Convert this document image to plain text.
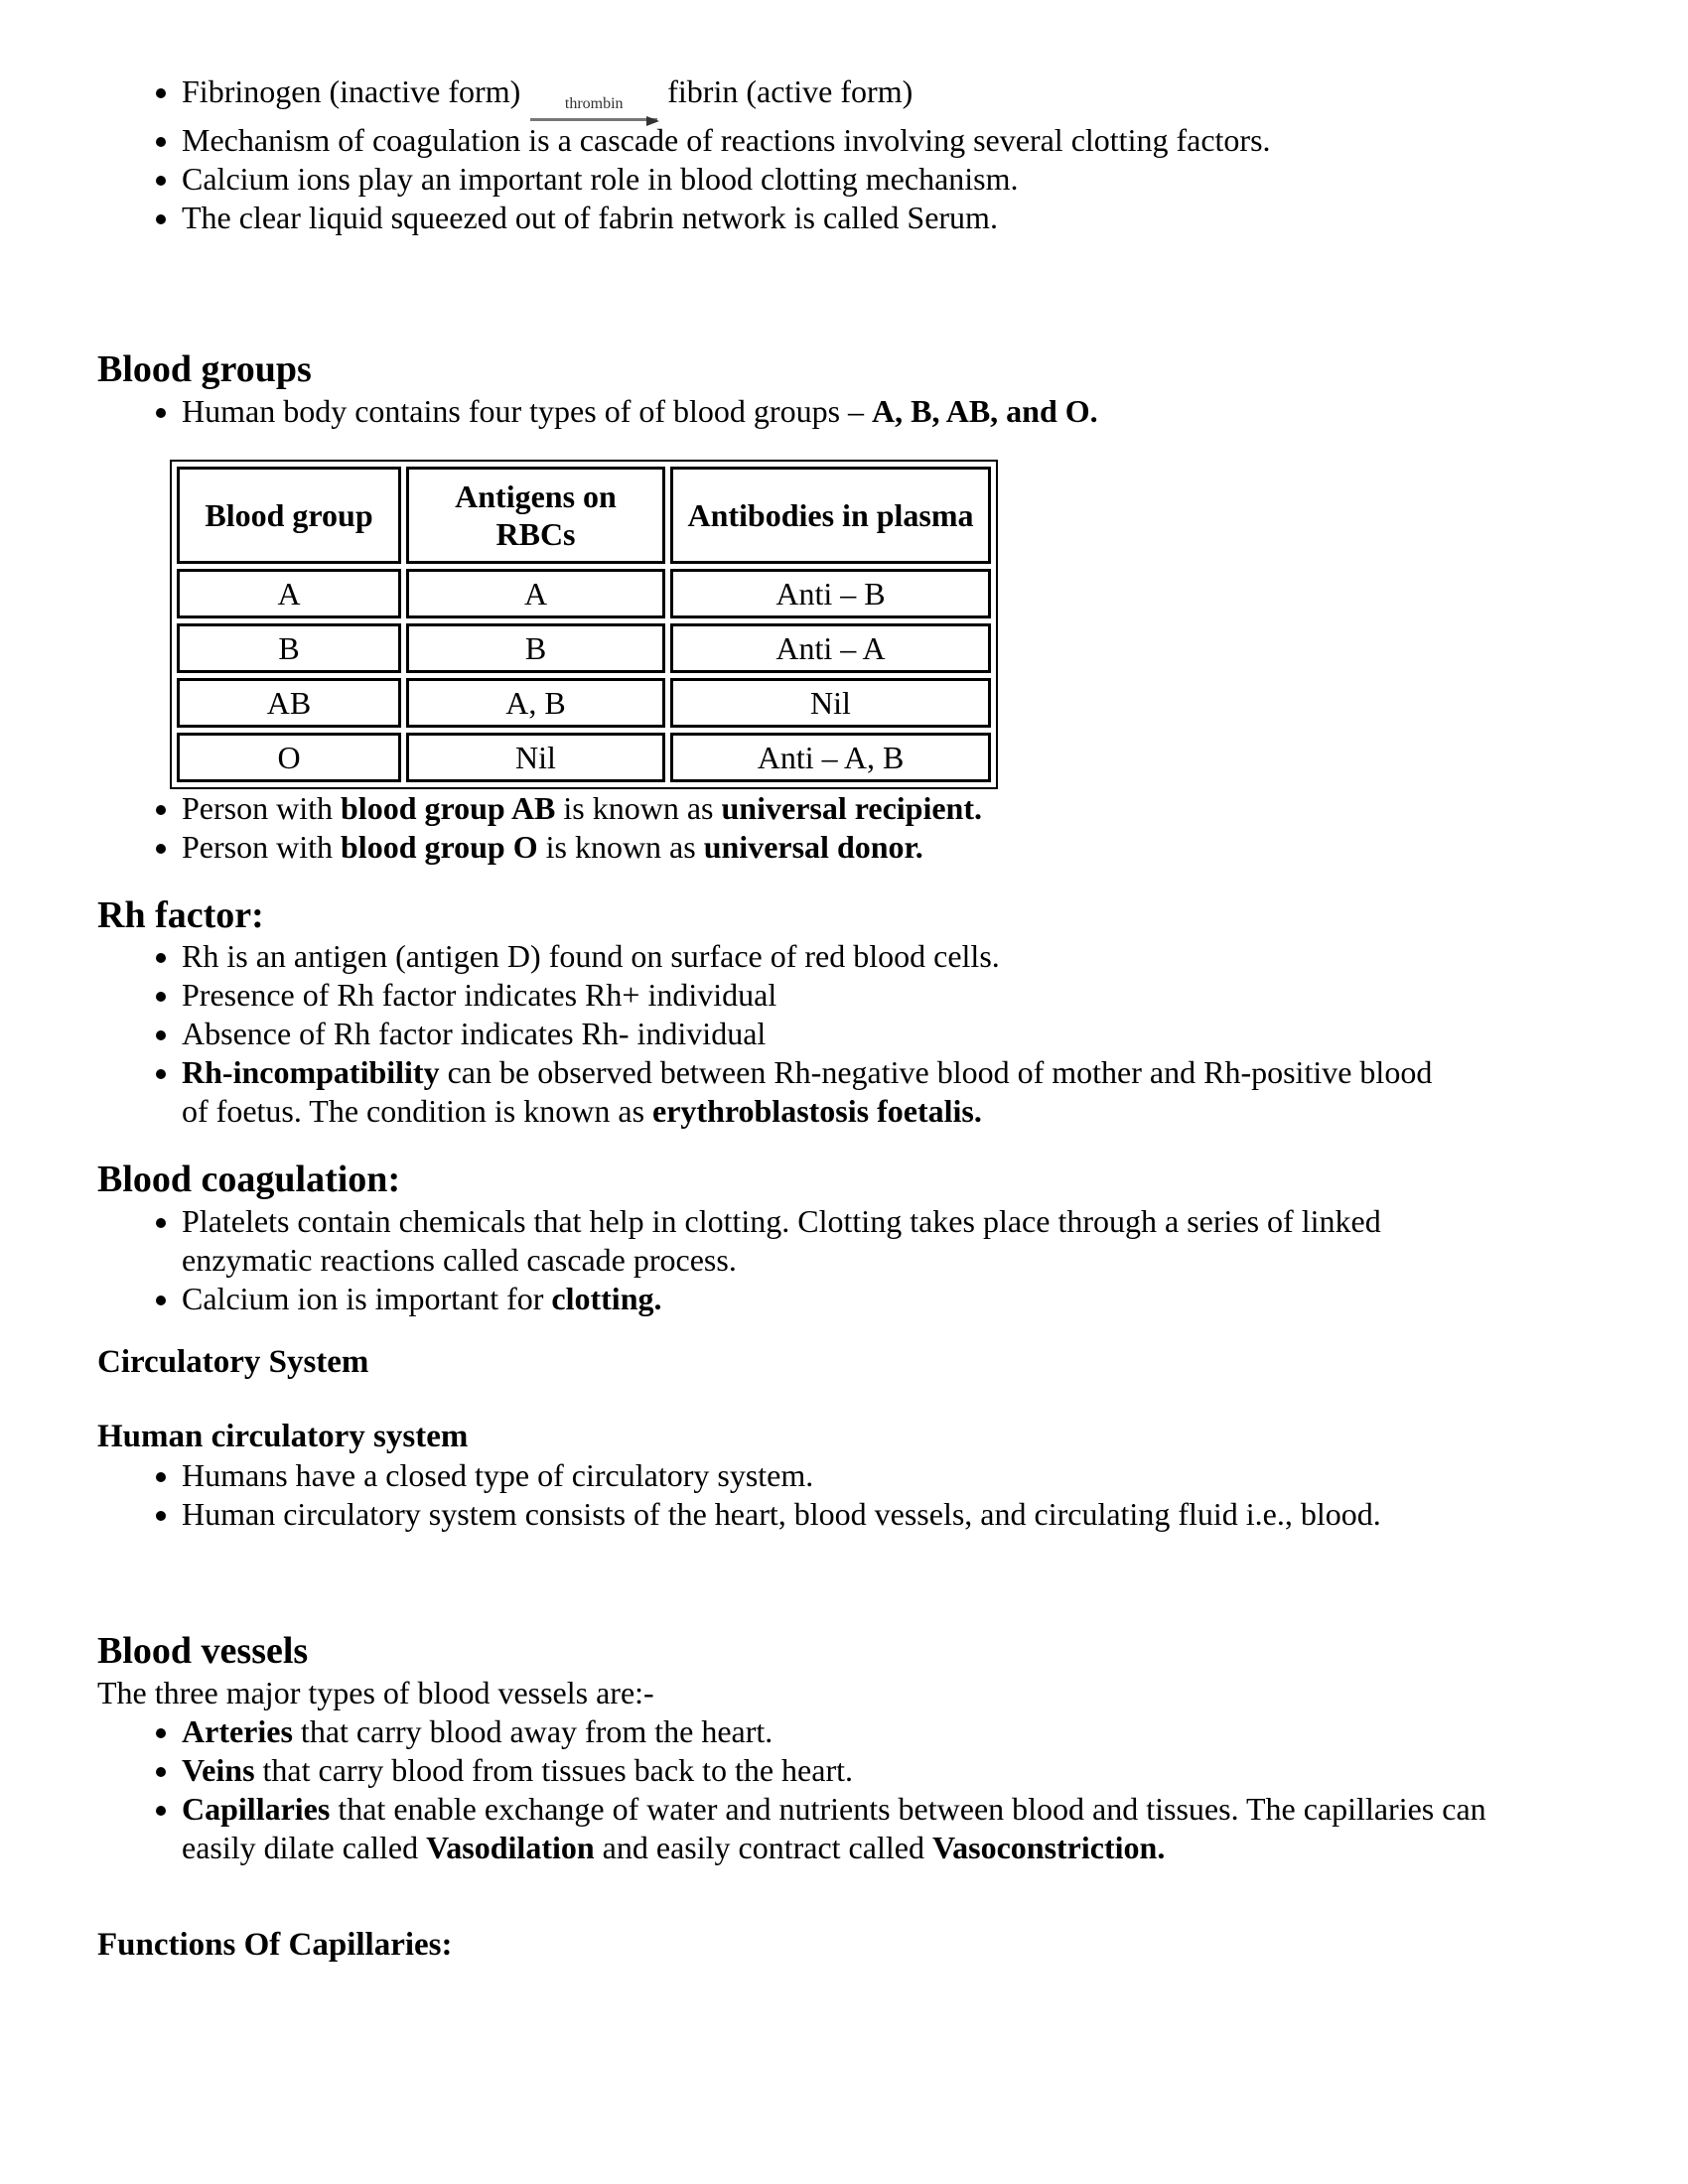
• Fibrinogen (inactive form)	thrombin	fibrin (active form)
• Mechanism of coagulation is a cascade of reactions involving several clotting factors.
• Calcium ions play an important role in blood clotting mechanism.
• The clear liquid squeezed out of fabrin network is called Serum.
Blood groups
• Human body contains four types of of blood groups – A, B, AB, and O.
Blood group	Antigens on RBCs	Antibodies in plasma
A	A	Anti – B
B	B	Anti – A
AB	A, B	Nil
O	Nil	Anti – A, B
• Person with blood group AB is known as universal recipient.
• Person with blood group O is known as universal donor.
Rh factor:
• Rh is an antigen (antigen D) found on surface of red blood cells.
• Presence of Rh factor indicates Rh+ individual
• Absence of Rh factor indicates Rh- individual
• Rh-incompatibility can be observed between Rh-negative blood of mother and Rh-positive blood
of foetus. The condition is known as erythroblastosis foetalis.
Blood coagulation:
• Platelets contain chemicals that help in clotting. Clotting takes place through a series of linked
enzymatic reactions called cascade process.
• Calcium ion is important for clotting.
Circulatory System
Human circulatory system
• Humans have a closed type of circulatory system.
• Human circulatory system consists of the heart, blood vessels, and circulating fluid i.e., blood.
Blood vessels

The three major types of blood vessels are:-

• Arteries that carry blood away from the heart.
• Veins that carry blood from tissues back to the heart.
• Capillaries that enable exchange of water and nutrients between blood and tissues. The capillaries can
easily dilate called Vasodilation and easily contract called Vasoconstriction.
Functions Of Capillaries:
